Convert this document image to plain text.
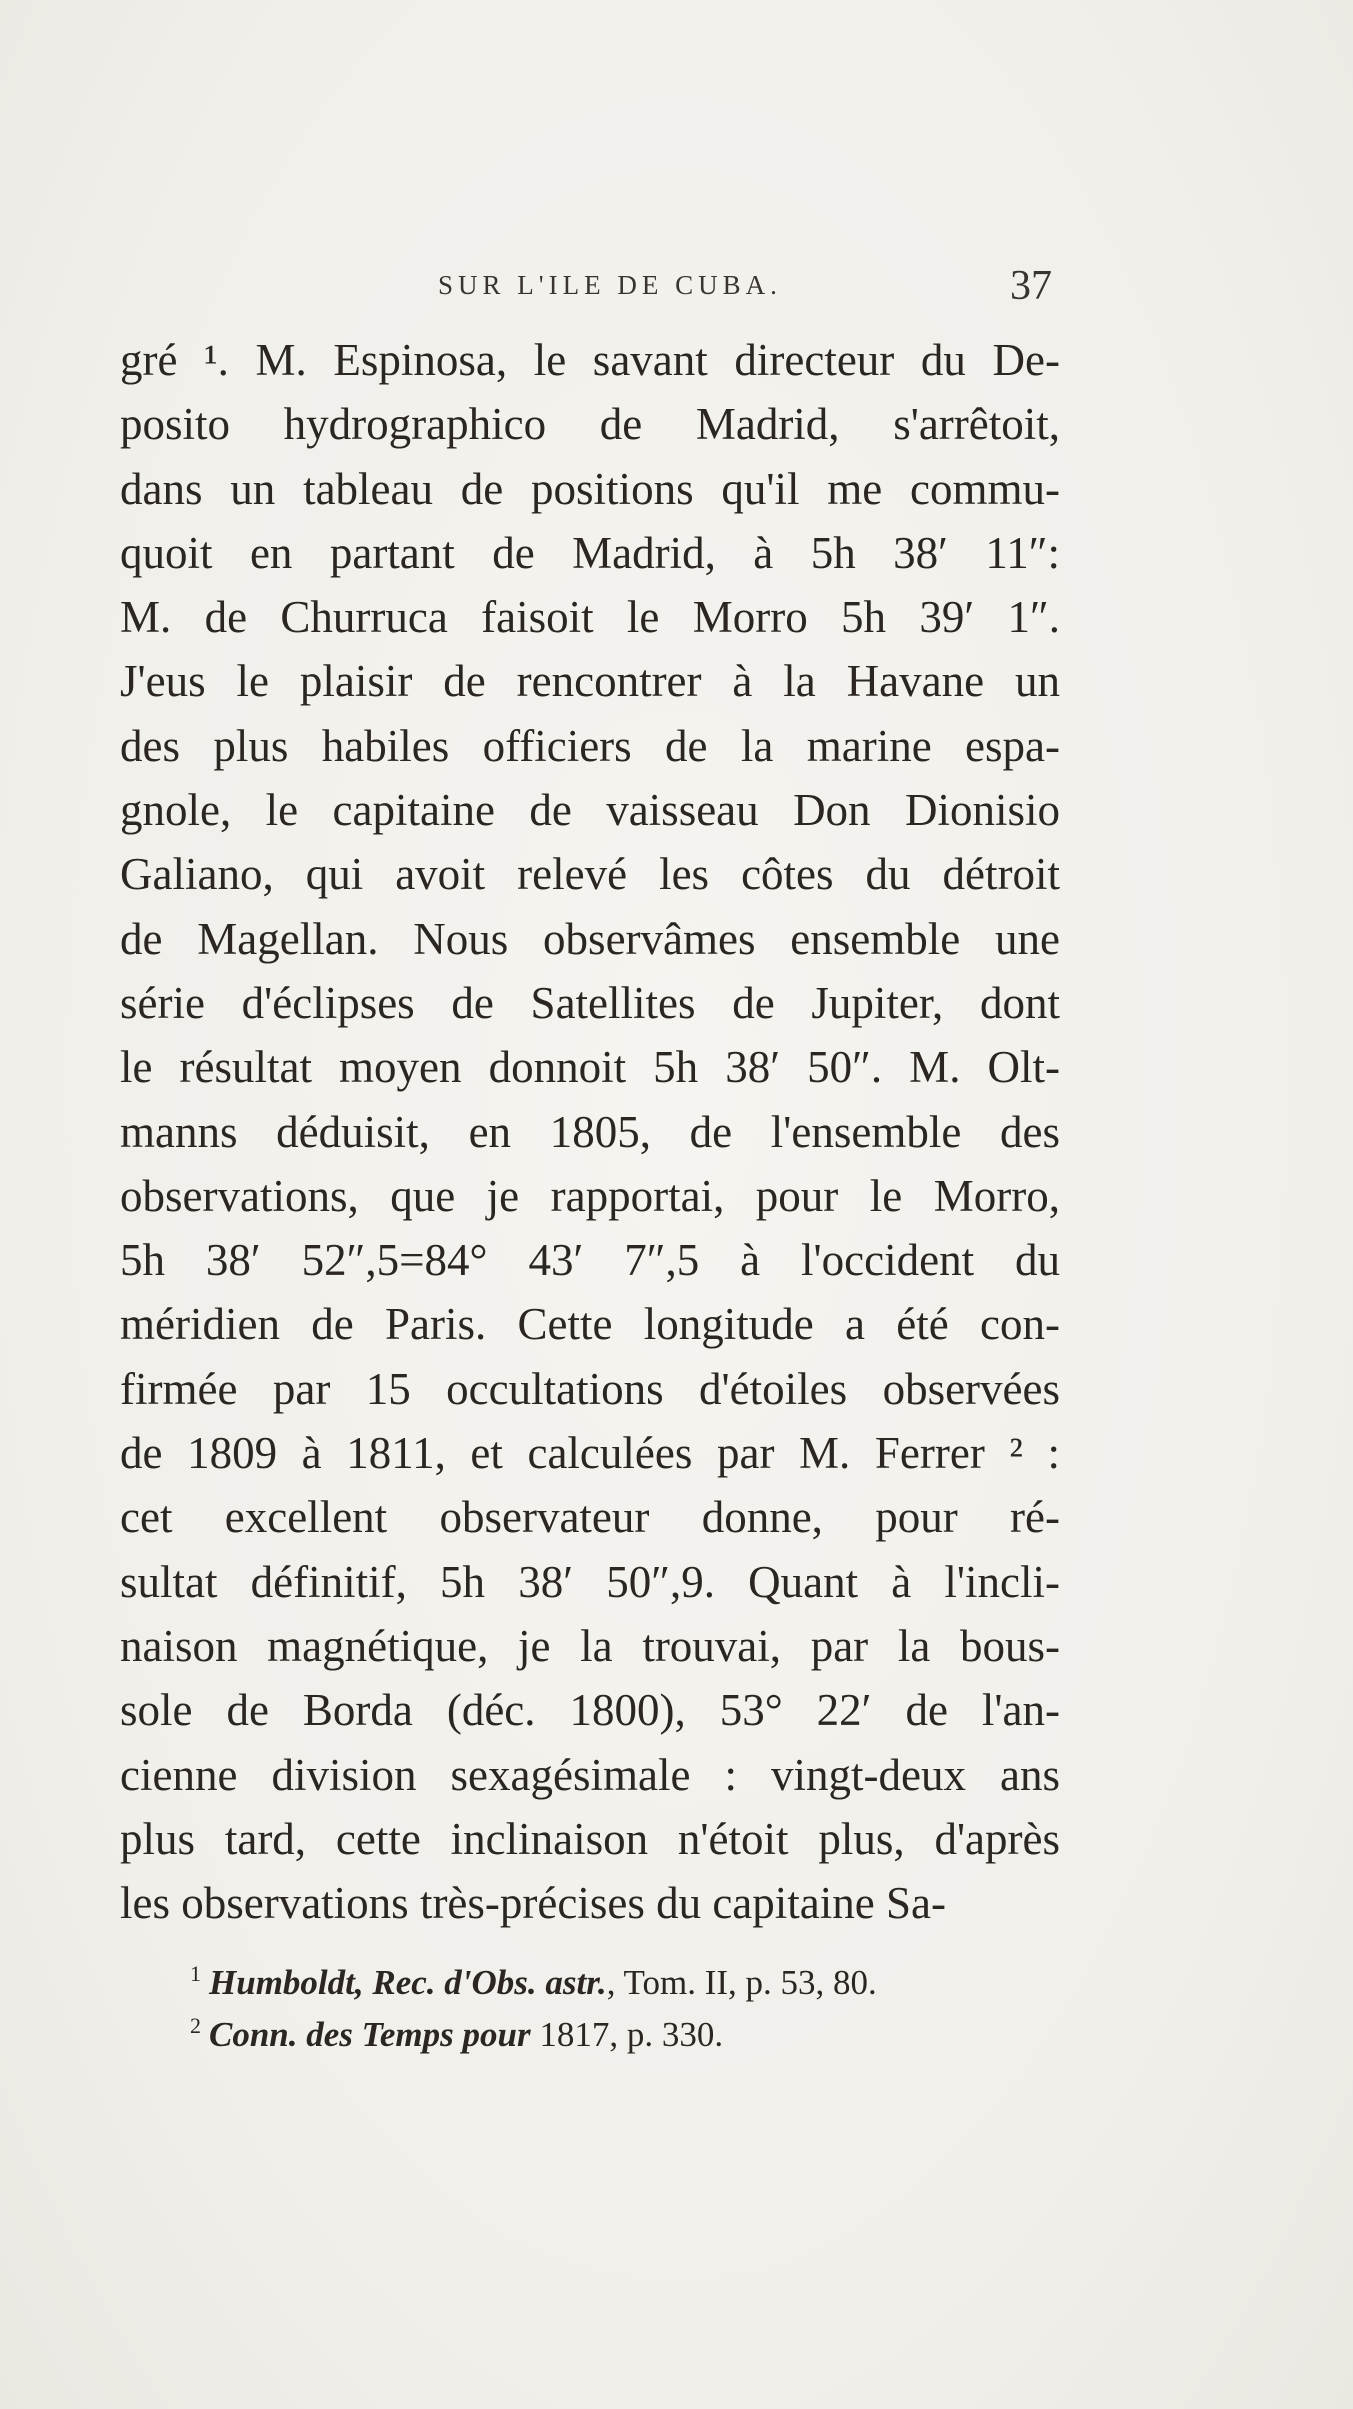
SUR L'ILE DE CUBA.	37
gré ¹. M. Espinosa, le savant directeur du De-
posito hydrographico de Madrid, s'arrêtoit,
dans un tableau de positions qu'il me commu-
quoit en partant de Madrid, à 5h 38′ 11″:
M. de Churruca faisoit le Morro 5h 39′ 1″.
J'eus le plaisir de rencontrer à la Havane un
des plus habiles officiers de la marine espa-
gnole, le capitaine de vaisseau Don Dionisio
Galiano, qui avoit relevé les côtes du détroit
de Magellan. Nous observâmes ensemble une
série d'éclipses de Satellites de Jupiter, dont
le résultat moyen donnoit 5h 38′ 50″. M. Olt-
manns déduisit, en 1805, de l'ensemble des
observations, que je rapportai, pour le Morro,
5h 38′ 52″,5=84° 43′ 7″,5 à l'occident du
méridien de Paris. Cette longitude a été con-
firmée par 15 occultations d'étoiles observées
de 1809 à 1811, et calculées par M. Ferrer ² :
cet excellent observateur donne, pour ré-
sultat définitif, 5h 38′ 50″,9. Quant à l'incli-
naison magnétique, je la trouvai, par la bous-
sole de Borda (déc. 1800), 53° 22′ de l'an-
cienne division sexagésimale : vingt-deux ans
plus tard, cette inclinaison n'étoit plus, d'après
les observations très-précises du capitaine Sa-
$^1$ Humboldt, Rec. d'Obs. astr., Tom. II, p. 53, 80.
$^2$ Conn. des Temps pour 1817, p. 330.
